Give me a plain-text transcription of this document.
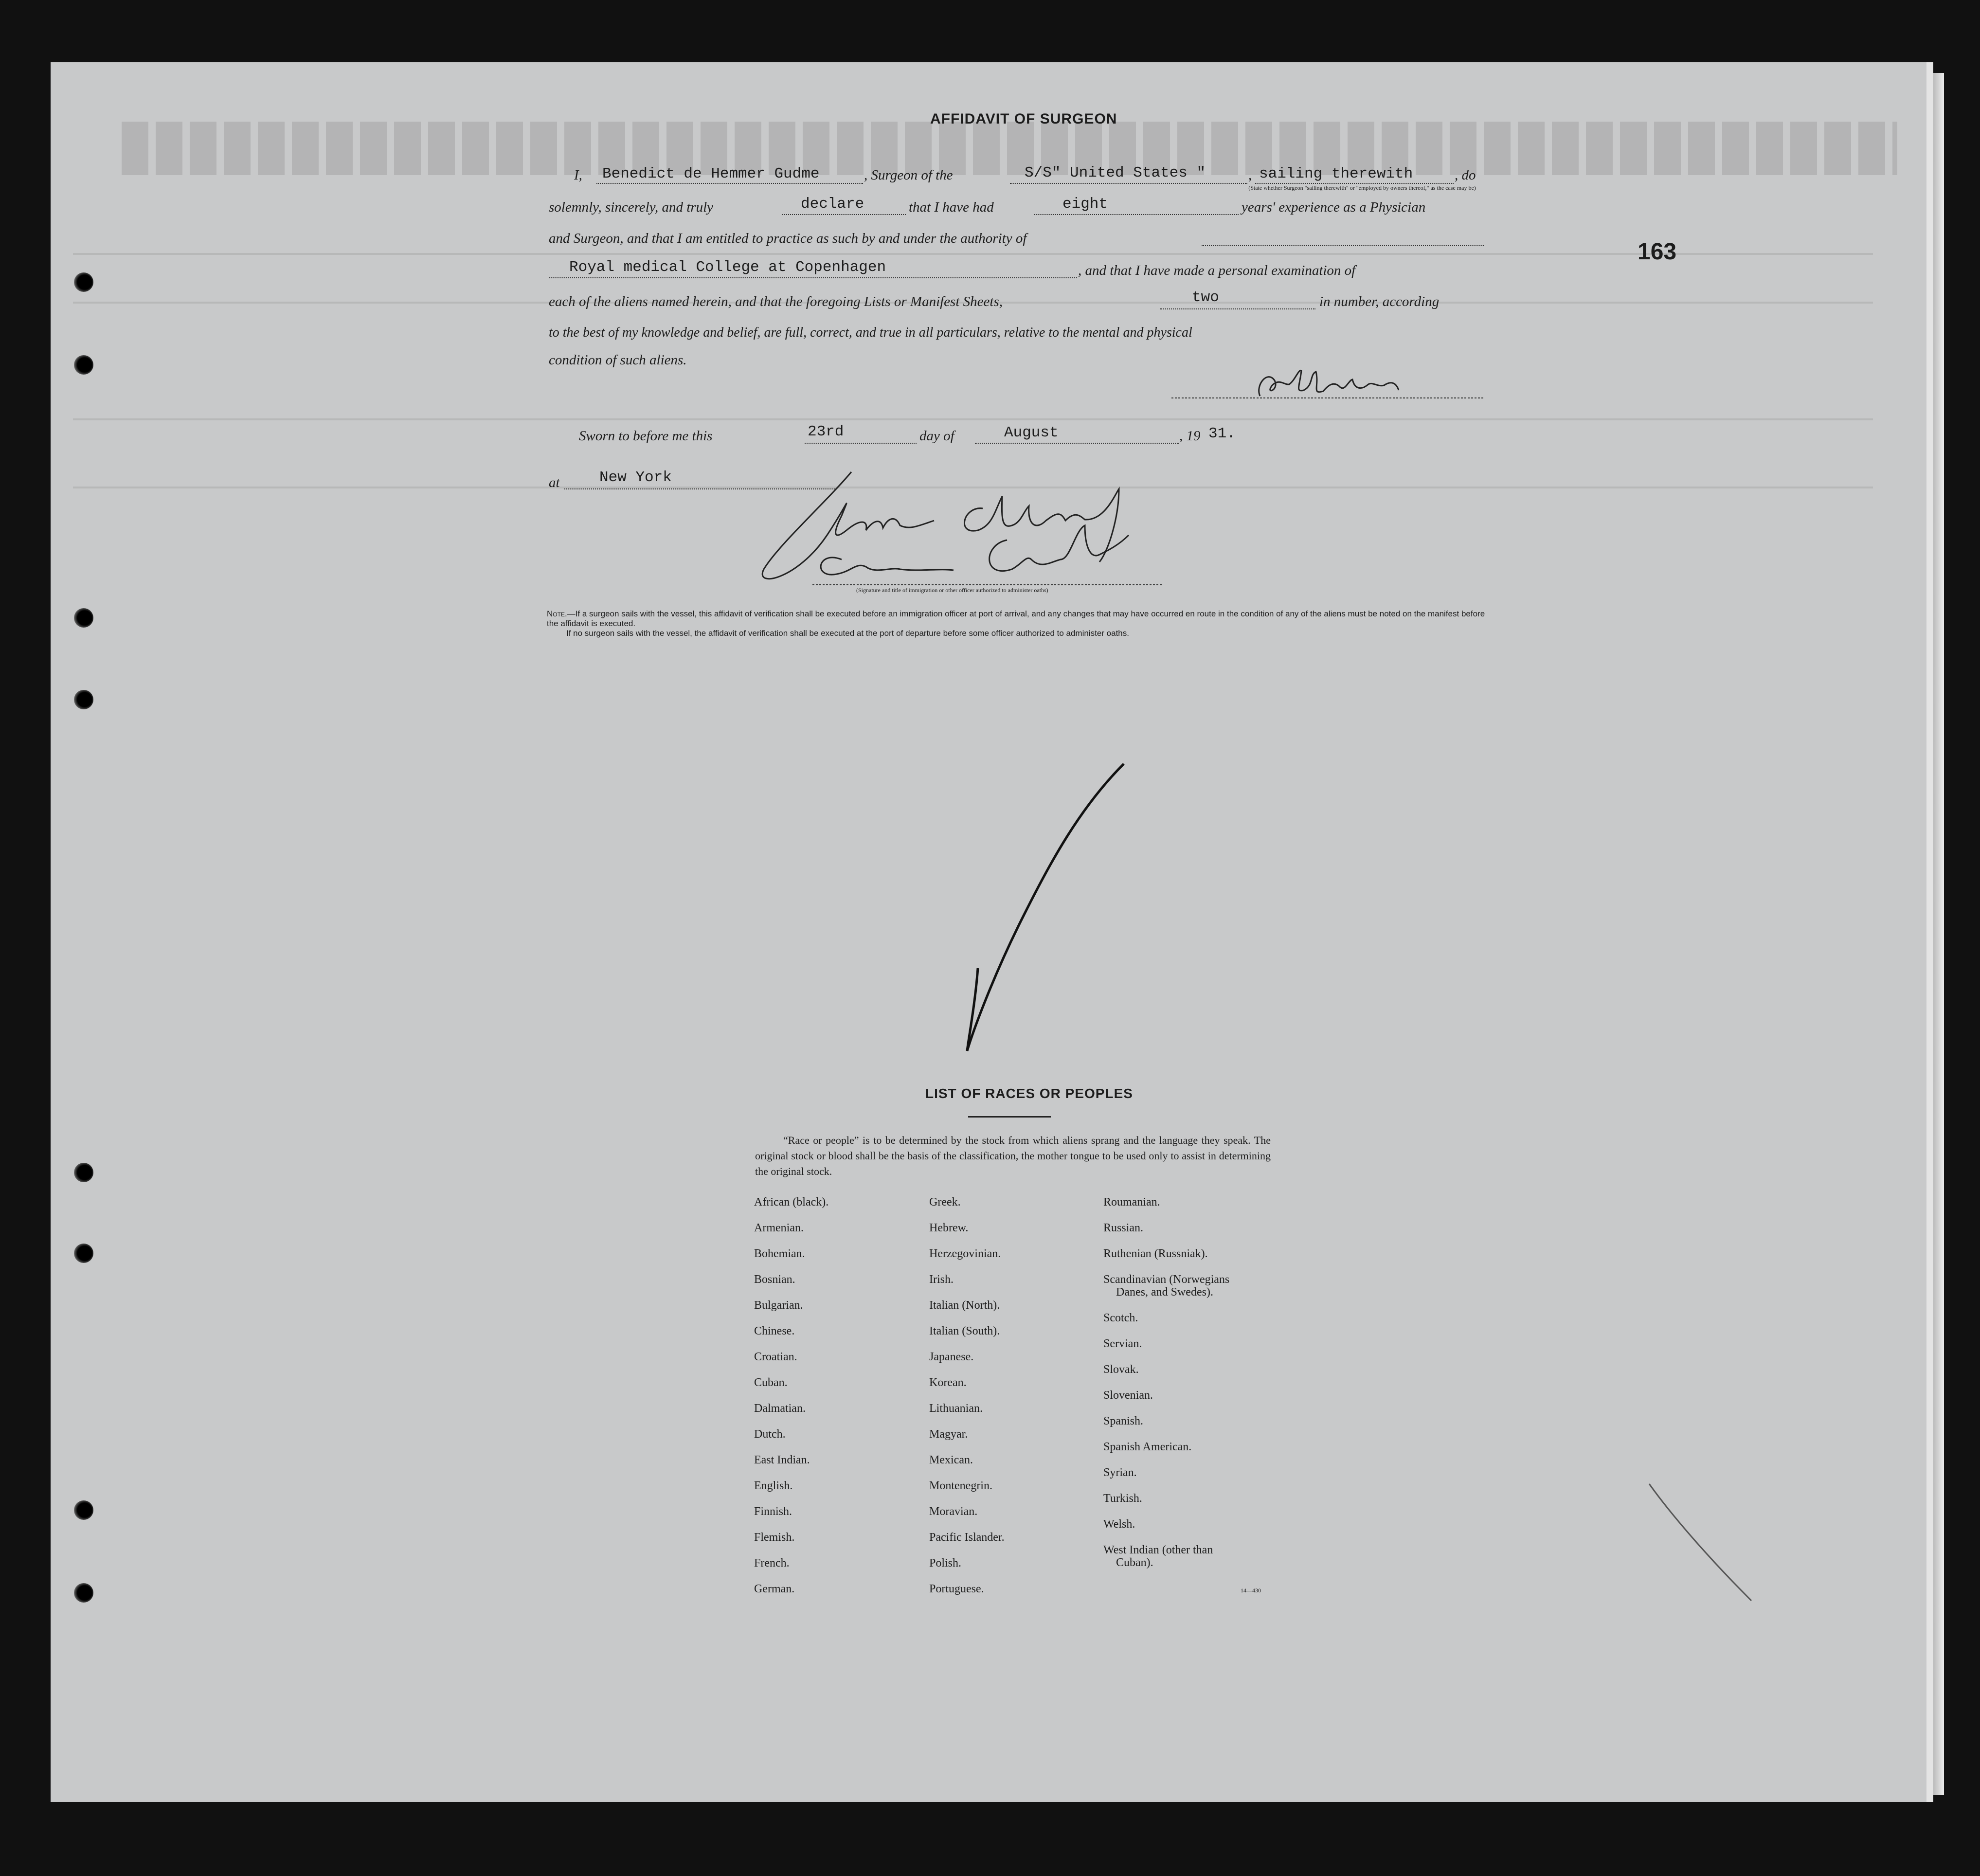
163
AFFIDAVIT OF SURGEON
I, Benedict de Hemmer Gudme	, Surgeon of the	S/S" United States "	, sailing therewith	, do
(State whether Surgeon "sailing therewith" or "employed by owners thereof," as the case may be)
solemnly, sincerely, and truly	declare	that I have had	eight	years' experience as a Physician
and Surgeon, and that I am entitled to practice as such by and under the authority of
Royal medical College at Copenhagen	, and that I have made a personal examination of
each of the aliens named herein, and that the foregoing Lists or Manifest Sheets,	two	in number, according
to the best of my knowledge and belief, are full, correct, and true in all particulars, relative to the mental and physical
condition of such aliens.
Sworn to before me this	23rd	day of	August	, 19 31.
at	New York
(Signature and title of immigration or other officer authorized to administer oaths)
Note.—If a surgeon sails with the vessel, this affidavit of verification shall be executed before an immigration officer at port of arrival, and any changes that may have occurred en route in the condition of any of the aliens must be noted on the manifest before the affidavit is executed.
If no surgeon sails with the vessel, the affidavit of verification shall be executed at the port of departure before some officer authorized to administer oaths.
LIST OF RACES OR PEOPLES
“Race or people” is to be determined by the stock from which aliens sprang and the language they speak. The original stock or blood shall be the basis of the classification, the mother tongue to be used only to assist in determining the original stock.
African (black).
Armenian.
Bohemian.
Bosnian.
Bulgarian.
Chinese.
Croatian.
Cuban.
Dalmatian.
Dutch.
East Indian.
English.
Finnish.
Flemish.
French.
German.
Greek.
Hebrew.
Herzegovinian.
Irish.
Italian (North).
Italian (South).
Japanese.
Korean.
Lithuanian.
Magyar.
Mexican.
Montenegrin.
Moravian.
Pacific Islander.
Polish.
Portuguese.
Roumanian.
Russian.
Ruthenian (Russniak).
Scandinavian (Norwegians
Danes, and Swedes).
Scotch.
Servian.
Slovak.
Slovenian.
Spanish.
Spanish American.
Syrian.
Turkish.
Welsh.
West Indian (other than
Cuban).
14—430
